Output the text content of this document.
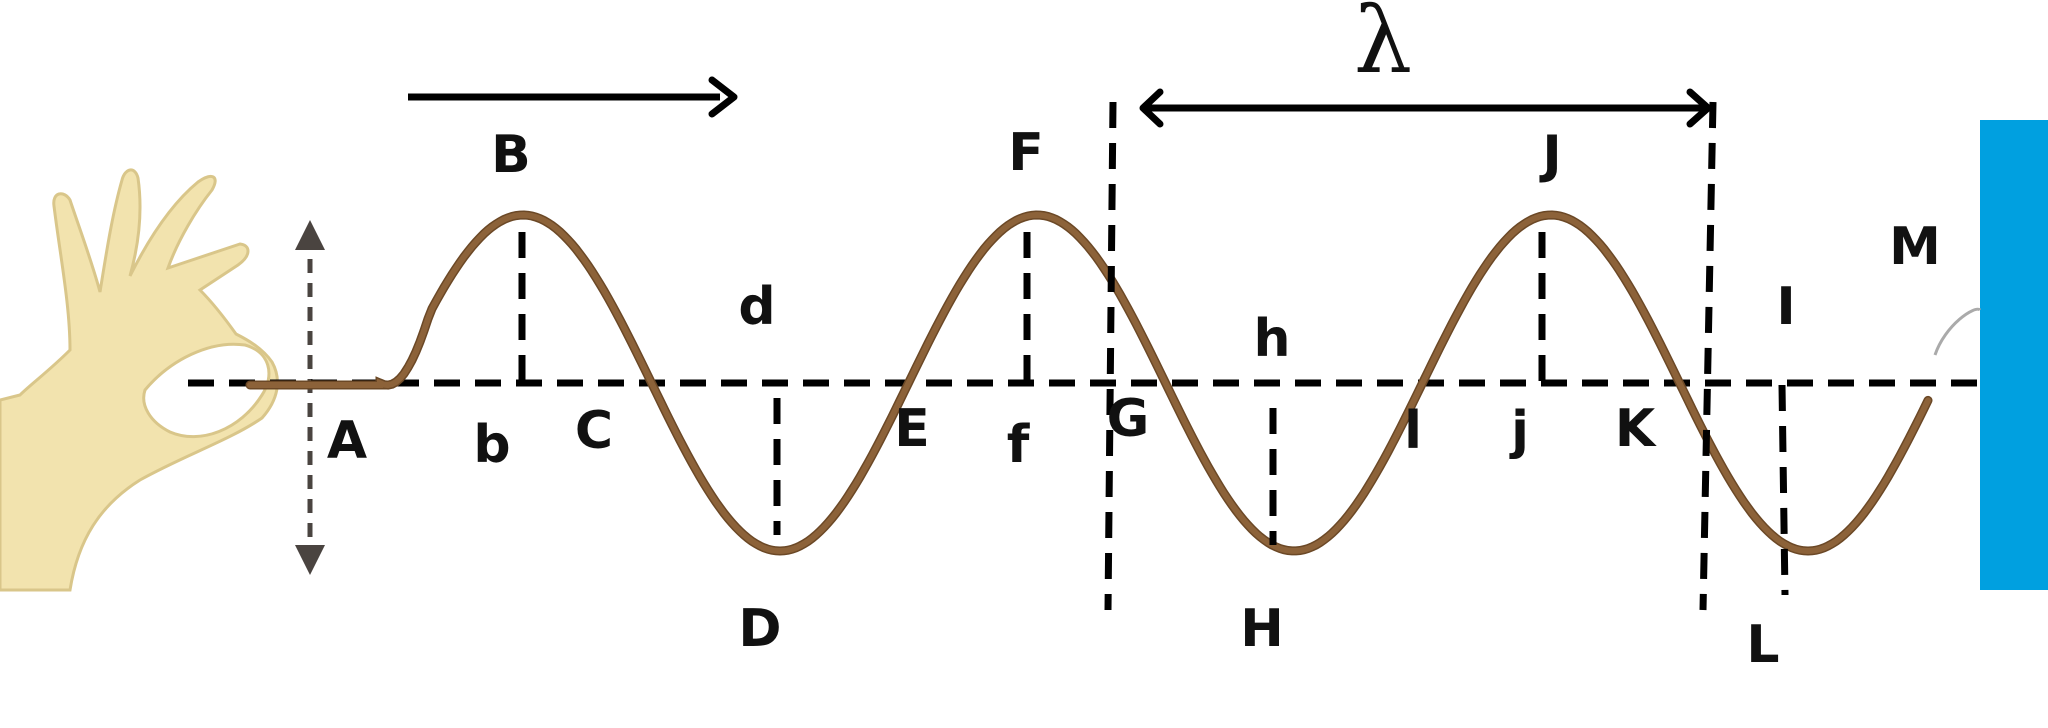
λ
A
B
C
D
E
F
G
H
I
J
K
L
M
b
d
f
h
l j
